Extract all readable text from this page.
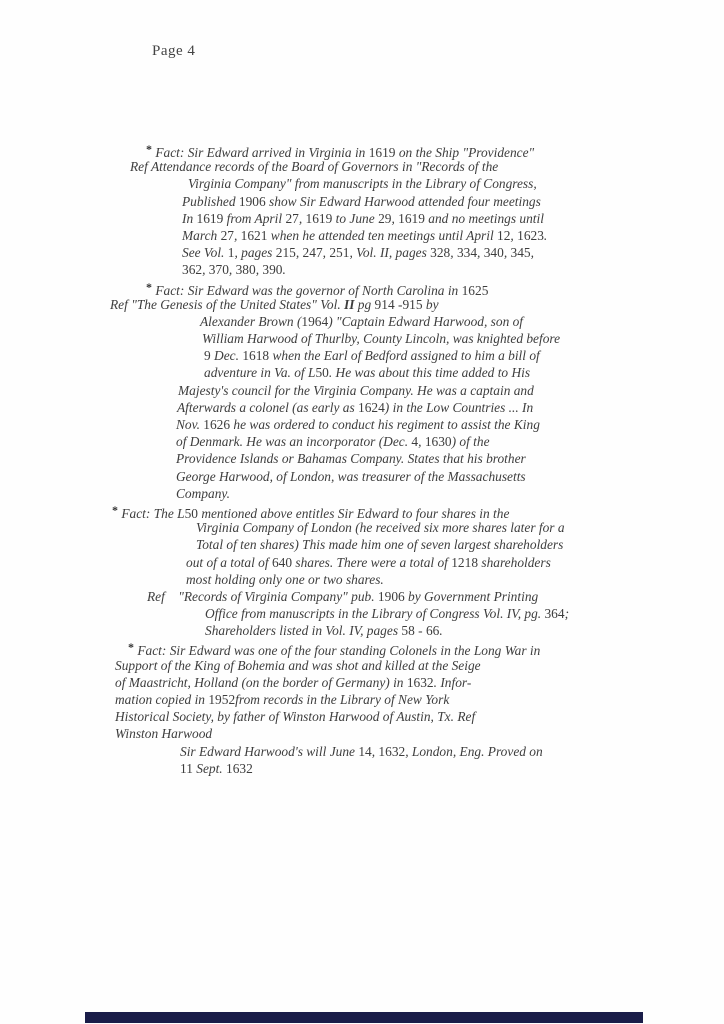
Page 4
* Fact: Sir Edward arrived in Virginia in 1619 on the Ship "Providence"
Ref Attendance records of the Board of Governors in "Records of the
Virginia Company" from manuscripts in the Library of Congress,
Published 1906 show Sir Edward Harwood attended four meetings
In 1619 from April 27, 1619 to June 29, 1619 and no meetings until
March 27, 1621 when he attended ten meetings until April 12, 1623.
See Vol. 1, pages 215, 247, 251, Vol. II, pages 328, 334, 340, 345,
362, 370, 380, 390.
* Fact: Sir Edward was the governor of North Carolina in 1625
Ref "The Genesis of the United States" Vol. II pg 914 -915 by
Alexander Brown (1964) "Captain Edward Harwood, son of
William Harwood of Thurlby, County Lincoln, was knighted before
9 Dec. 1618 when the Earl of Bedford assigned to him a bill of
adventure in Va. of L50. He was about this time added to His
Majesty's council for the Virginia Company. He was a captain and
Afterwards a colonel (as early as 1624) in the Low Countries ... In
Nov. 1626 he was ordered to conduct his regiment to assist the King
of Denmark. He was an incorporator (Dec. 4, 1630) of the
Providence Islands or Bahamas Company. States that his brother
George Harwood, of London, was treasurer of the Massachusetts
Company.
* Fact: The L50 mentioned above entitles Sir Edward to four shares in the
Virginia Company of London (he received six more shares later for a
Total of ten shares) This made him one of seven largest shareholders
out of a total of 640 shares. There were a total of 1218 shareholders
most holding only one or two shares.
Ref    "Records of Virginia Company" pub. 1906 by Government Printing
Office from manuscripts in the Library of Congress Vol. IV, pg. 364;
Shareholders listed in Vol. IV, pages 58 - 66.
* Fact: Sir Edward was one of the four standing Colonels in the Long War in
Support of the King of Bohemia and was shot and killed at the Seige
of Maastricht, Holland (on the border of Germany) in 1632. Infor-
mation copied in 1952from records in the Library of New York
Historical Society, by father of Winston Harwood of Austin, Tx. Ref
Winston Harwood
Sir Edward Harwood's will June 14, 1632, London, Eng. Proved on
11 Sept. 1632
